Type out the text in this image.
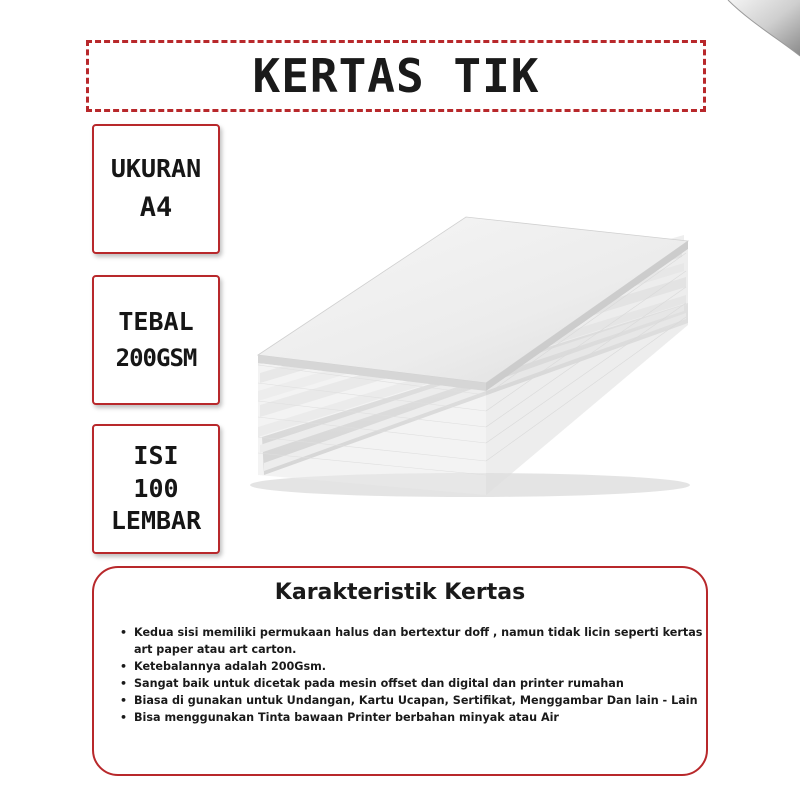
KERTAS TIK
UKURAN
A4
TEBAL
200GSM
ISI
100
LEMBAR
Karakteristik Kertas
• Kedua sisi memiliki permukaan halus dan bertextur doff , namun tidak licin seperti kertas art paper atau art carton.
• Ketebalannya adalah 200Gsm.
• Sangat baik untuk dicetak pada mesin offset dan digital dan printer rumahan
• Biasa di gunakan untuk Undangan, Kartu Ucapan, Sertifikat, Menggambar Dan lain - Lain
• Bisa menggunakan Tinta bawaan Printer berbahan minyak atau Air
